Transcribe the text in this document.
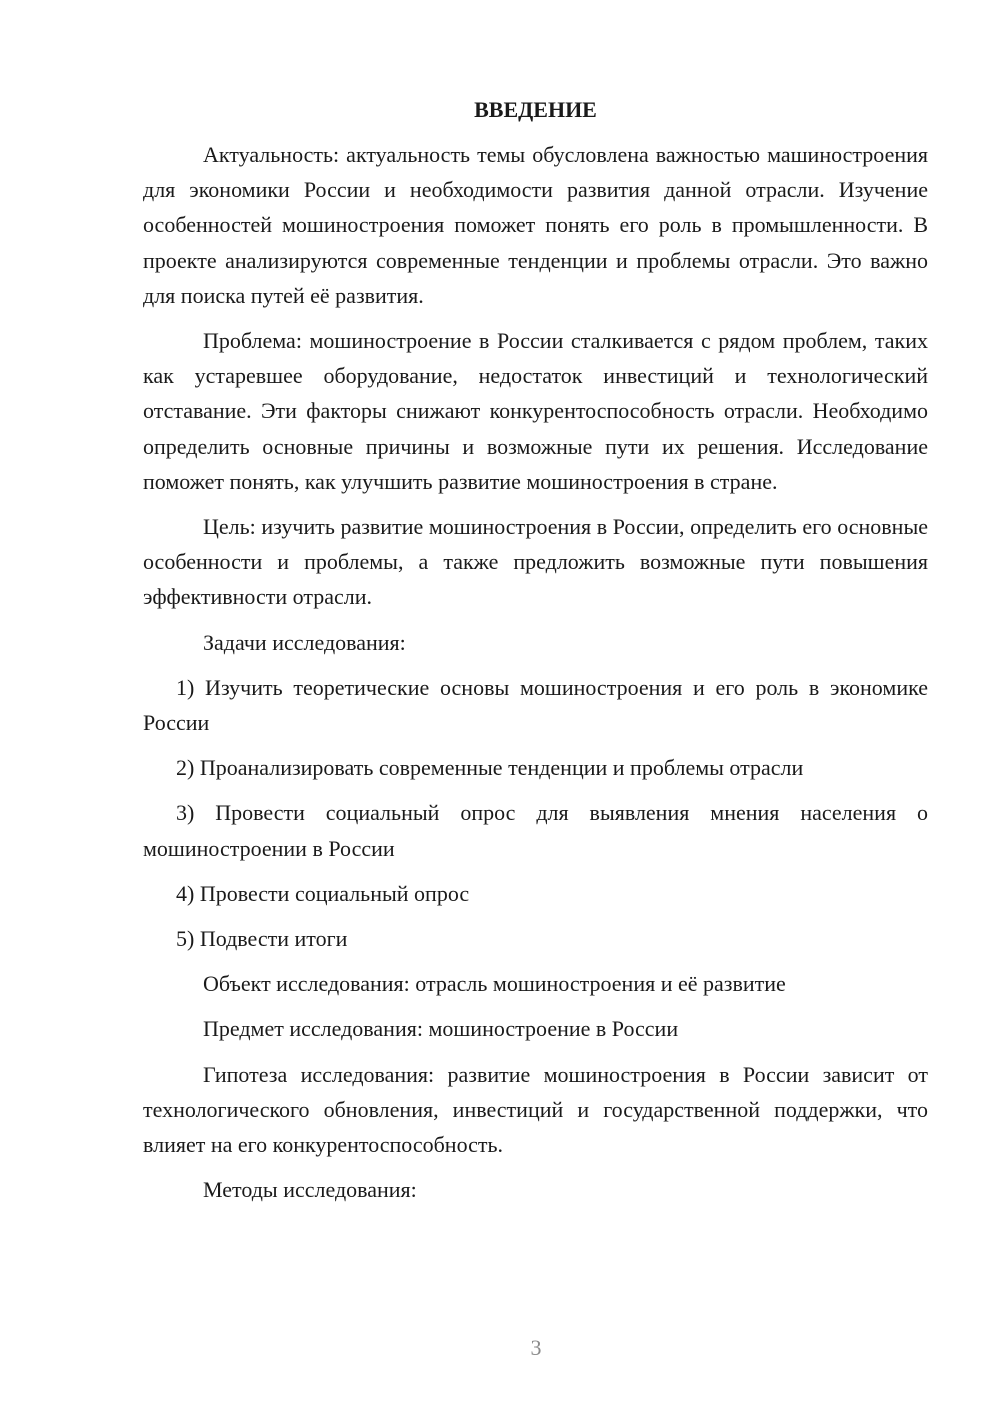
ВВЕДЕНИЕ

Актуальность: актуальность темы обусловлена важностью машиностроения для экономики России и необходимости развития данной отрасли. Изучение особенностей мошиностроения поможет понять его роль в промышленности. В проекте анализируются современные тенденции и проблемы отрасли. Это важно для поиска путей её развития.

Проблема: мошиностроение в России сталкивается с рядом проблем, таких как устаревшее оборудование, недостаток инвестиций и технологический отставание. Эти факторы снижают конкурентоспособность отрасли. Необходимо определить основные причины и возможные пути их решения. Исследование поможет понять, как улучшить развитие мошиностроения в стране.

Цель: изучить развитие мошиностроения в России, определить его основные особенности и проблемы, а также предложить возможные пути повышения эффективности отрасли.

Задачи исследования:

1) Изучить теоретические основы мошиностроения и его роль в экономике России

2) Проанализировать современные тенденции и проблемы отрасли

3) Провести социальный опрос для выявления мнения населения о мошиностроении в России

4) Провести социальный опрос

5) Подвести итоги

Объект исследования: отрасль мошиностроения и её развитие

Предмет исследования: мошиностроение в России

Гипотеза исследования: развитие мошиностроения в России зависит от технологического обновления, инвестиций и государственной поддержки, что влияет на его конкурентоспособность.

Методы исследования:

3
